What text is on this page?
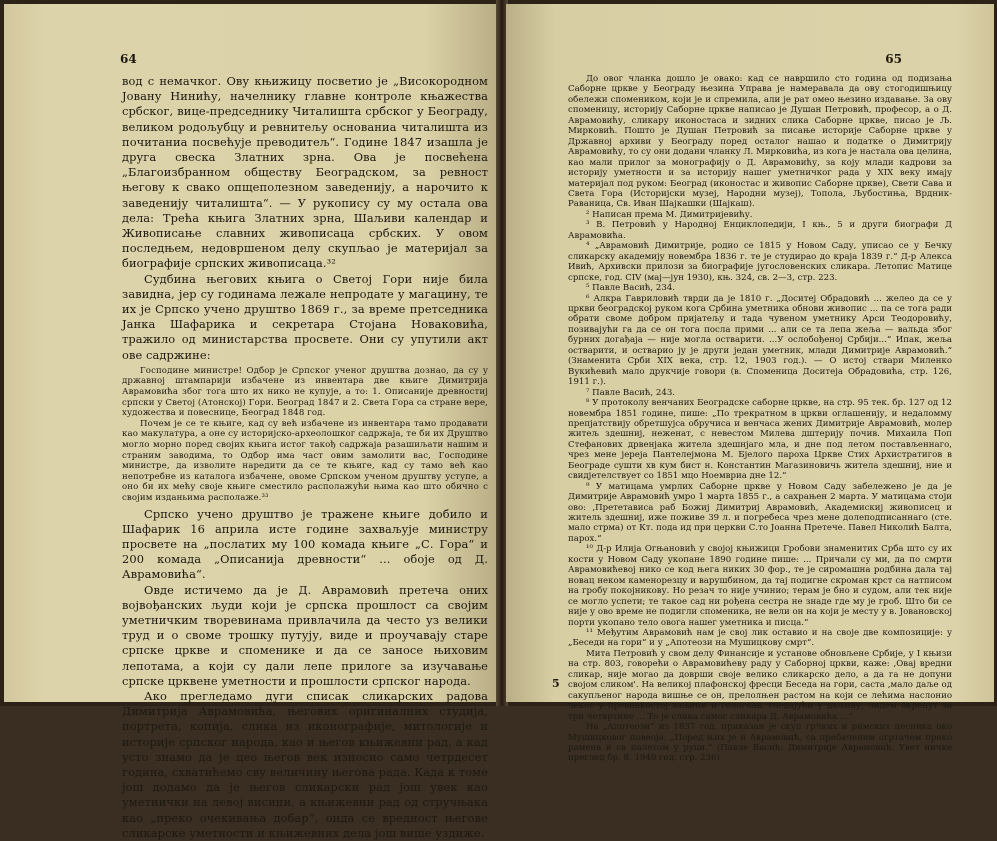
64

вод с немачког. Ову књижицу посветио је „Високородном Јовану Нинићу, начелнику главне контроле књажества србског, вице-председнику Читалишта србског у Београду, великом родољубцу и ревнитељу основаниа читалишта из почитаниа посвећује преводитељ“. Године 1847 изашла је друга свеска Златних зрна. Ова је посвећена „Благоизбранном обществу Београдском, за ревност његову к свако опщеполезном заведенију, а нарочито к заведенију читалишта“. — У рукопису су му остала ова дела: Трећа књига Златних зрна, Шаљиви календар и Живописање славних живописаца србских. У овом последњем, недовршеном делу скупљао је материјал за биографије српских живописаца.³²

Судбина његових књига о Светој Гори није била завидна, јер су годинама лежале непродате у магацину, те их је Српско учено друштво 1869 г., за време претседника Јанка Шафарика и секретара Стојана Новаковића, тражило од министарства просвете. Они су упутили акт ове садржине:

Господине министре! Одбор је Српског ученог друштва дознао, да су у државној штампарији избачене из инвентара две књиге Димитрија Аврамовића због тога што их нико не купује, а то: 1. Описаније древностиј српски у Светој (Атонској) Гори. Београд 1847 и 2. Света Гора са стране вере, художества и повеснице, Београд 1848 год.

Почем је се те књиге, кад су већ избачене из инвентара тамо продавати као макулатура, а оне су историјско-археолошког садржаја, те би их Друштво могло морно поред својих књига истог такођ садржаја разашиљати нашим и страним заводима, то Одбор има част овим замолити вас, Господине министре, да изволите наредити да се те књиге, кад су тамо већ као непотребне из каталога избачене, овоме Српском ученом друштву уступе, а оно би их мећу своје књиге сместило располажући њима као што обично с својим изданьима располаже.³³

Српско учено друштво је тражене књиге добило и Шафарик 16 априла исте године захваљује министру просвете на „послатих му 100 комада књиге „С. Гора“ и 200 комада „Описанија древности“ ... обоје од Д. Аврамовића“.

Овде истичемо да је Д. Аврамовић претеча оних војвођанских људи који је српска прошлост са својим уметничким творевинама привлачила да често уз велики труд и о своме трошку путују, виде и проучавају старе српске цркве и споменике и да се заносе њиховим лепотама, а који су дали лепе прилоге за изучавање српске црквене уметности и прошлости српског народа.

Ако прегледамо дуги списак сликарских радова Димитрија Аврамовића, његових оригиналних студија, портрета, копија, слика из иконографије, митологије и историје српског народа, као и његов књижевни рад, а кад усто знамо да је цео његов век износио само четрдесет година, схватићемо сву величину његова рада. Када к томе још додамо да је његов сликарски рад још увек као уметнички на левој висини, а књижевни рад од стручњака као „преко очекивања добар“, онда се вредност његове сликарске уметности и књижевних дела још више уздиже.

65

До овог чланка дошло је овако: кад се навршило сто година од подизања Саборне цркве у Београду њезина Управа је намеравала да ову стогодишњицу обележи спомеником, који је и спремила, али је рат омео њезино издавање. За ову споменицу, историју Саборне цркве написао је Душан Петровић, професор, а о Д. Аврамовићу, сликару иконостаса и зидних слика Саборне цркве, писао је Љ. Мирковић. Пошто је Душан Петровић за писање историје Саборне цркве у Државној архиви у Београду поред осталог нашао и податке о Димитрију Аврамовићу, то су они додани чланку Л. Мирковића, из кога је настала ова целина, као мали прилог за монографију о Д. Аврамовићу, за коју млади кадрови за историју уметности и за историју нашег уметничког рада у XIX веку имају материјал под руком: Београд (иконостас и живопис Саборне цркве), Свети Сава и Света Гора (Историјски музеј, Народни музеј), Топола, Љубостиња, Врдник-Раваница, Св. Иван Шајкашки (Шајкаш).

² Написан према М. Димитријевићу.

³ В. Петровић у Народној Енциклопедији, I књ., 5 и други биографи Д Аврамовића.

⁴ „Аврамовић Димитрије, родио се 1815 у Новом Саду, уписао се у Бечку сликарску академију новембра 1836 г. те је студирао до краја 1839 г.“ Д-р Алекса Ивић, Архивски прилози за биографије југословенских сликара. Летопис Матице српске, год. CIV (мај—јун 1930), књ. 324, св. 2—3, стр. 223.

⁵ Павле Васић, 234.

⁶ Алкра Гавриловић тврди да је 1810 г. „Доситеј Обрадовић ... желео да се у цркви београдској руком кога Србина уметника обнови живопис ... па се тога ради обрати своме добром пријатељу и тада чувеном уметнику Арси Теодоровићу, позивајући га да се он тога посла прими ... али се та лепа жеља — вальда због бурних догађаја — није могла остварити. ...У ослобођеној Србији...“ Ипак, жеља остварити, и остварио ју је други један уметник, млади Димитрије Аврамовић.“ (Знаменита Срби XIX века, стр. 12, 1903 год.). — О истој ствари Миленко Вукићевић мало друкчије говори (в. Споменица Доситеја Обрадовића, стр. 126, 1911 г.).

⁷ Павле Васић, 243.

⁸ У протоколу венчаних Београдске саборне цркве, на стр. 95 тек. бр. 127 од 12 новембра 1851 године, пише: „По трекратном в цркви оглашенију, и недаломму препјатствију обретшујса обручиса и венчаса жених Димитрије Аврамовић, молер житељ здешниј, неженат, с невестом Милева дштерију почив. Михаила Поп Стефанових дрвенјака житела здешнјаго мла, и дне под летом постављеннаго, чрез мене јереја Пантелејмона М. Бјелого пароха Цркве Стих Архистратигов в Београде сушти хв кум бист н. Константин Магазиновичь житела здешниј, ние и свидјетелствует со 1851 мцо Ноемвриа дне 12.“

⁹ У матицама умрлих Саборне цркве у Новом Саду забележено је да је Димитрије Аврамовић умро 1 марта 1855 г., а сахрањен 2 марта. У матицама стоји ово: ,Прететависа раб Божиј Димитриј Аврамовић, Академискиј живописец и житель здешниј, иже поживе 39 л. и погребеса чрез мене долеподписаннаго (сте. мало стрма) от Кт. пода ид при церкви С.то Јоанна Претече. Павел Николић Балта, парох.“

¹⁰ Д-р Илија Огњановић у својој књижици Гробови знаменитих Срба што су их кости у Новом Саду укопане 1890 године пише: ... Причали су ми, да по смрти Аврамовићевој нико се код њега никих 30 фор., те је сиромашна родбина дала тај новац неком каменорезцу и варушбином, да тај подигне скроман крст са натписом на гробу покојникову. Но резач то није учинио; терам је бно и судом, али тек није се могло успети; те такое сад ни рођена сестра не знаде где му је гроб. Што би се није у ово време не подигли споменика, не вели он на који је месту у в. Јовановској порти укопано тело овога нашег уметника и писца.“

¹¹ Међутим Аврамовић нам је свој лик оставио и на своје две композиције: у „Беседи на гори“ и у „Апотеози на Мушицкову смрт“.

Мита Петровић у свом делу Финансије и установе обновљене Србије, у I књизи на стр. 803, говорећи о Аврамовићеву раду у Саборној цркви, каже: ,Овај вредни сликар, није могао да доврши своје велико сликарско дело, а да га не допуни својом сликом'. На великој плафонској фресци Беседа на гори, саста ,мало даље од сакупљеног народа вишње се он, прелолњен растом на који се лећима наслонио чекос у превнакостој хаљини и гологлав, гледајући у даљину, лицем окренут за три четвртине ... То је слика самог сликара Д. Аврамовића ...“

На „Апотеози“ из 1837 год. приказан је скуп грчких и римских песника око Мушицковог повеоја. „Поред њих је и Аврамовић, са пребаченим огртачем преко рамена и са палетом у руци.“ (Павле Васић: Димитрије Аврамовић. Увет ничке преглед бр. 8. 1940 год. стр. 236)

5
